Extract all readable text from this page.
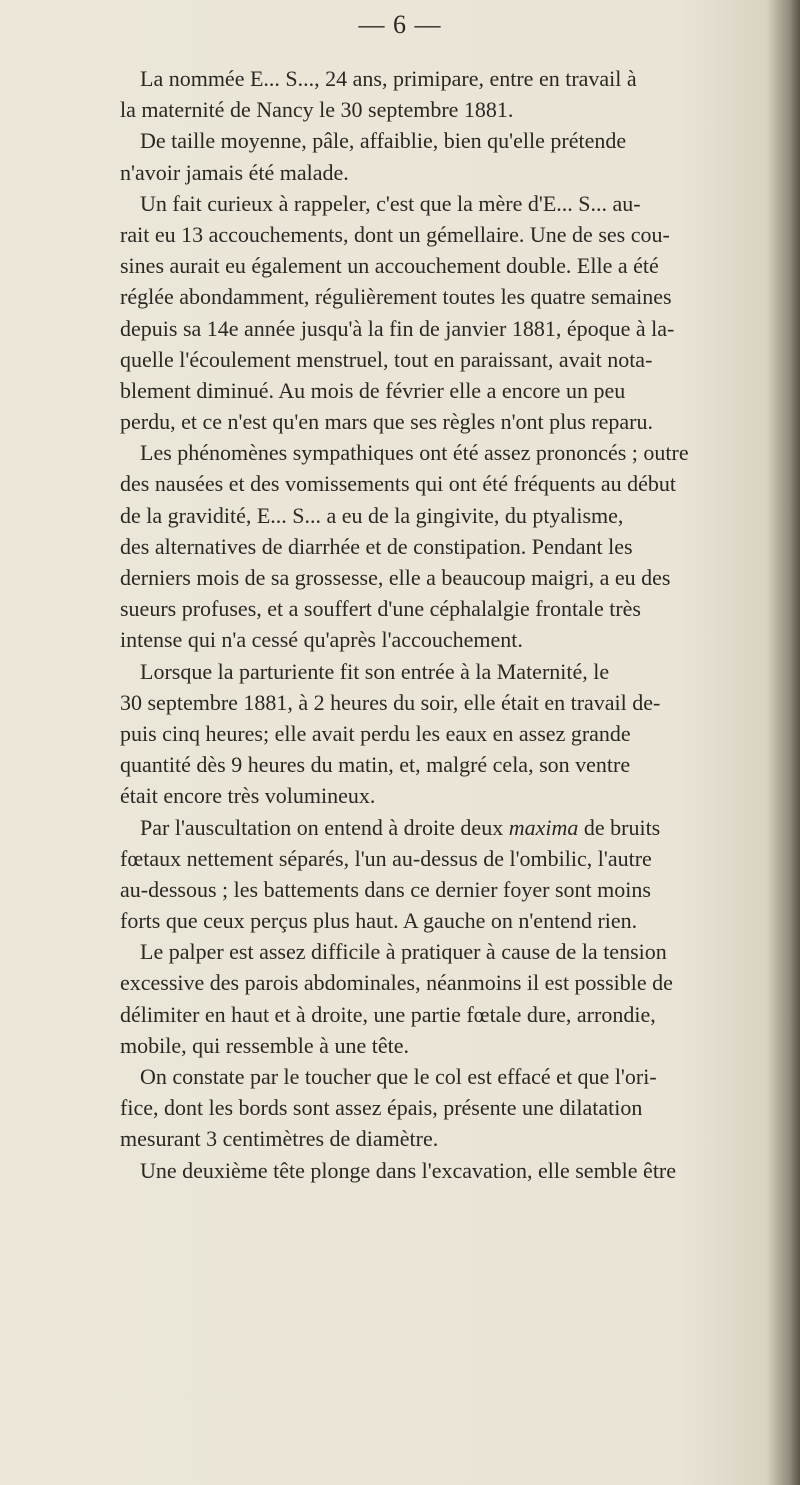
— 6 —
La nommée E... S..., 24 ans, primipare, entre en travail à
la maternité de Nancy le 30 septembre 1881.
De taille moyenne, pâle, affaiblie, bien qu'elle prétende
n'avoir jamais été malade.
Un fait curieux à rappeler, c'est que la mère d'E... S... au-
rait eu 13 accouchements, dont un gémellaire. Une de ses cou-
sines aurait eu également un accouchement double. Elle a été
réglée abondamment, régulièrement toutes les quatre semaines
depuis sa 14e année jusqu'à la fin de janvier 1881, époque à la-
quelle l'écoulement menstruel, tout en paraissant, avait nota-
blement diminué. Au mois de février elle a encore un peu
perdu, et ce n'est qu'en mars que ses règles n'ont plus reparu.
Les phénomènes sympathiques ont été assez prononcés ; outre
des nausées et des vomissements qui ont été fréquents au début
de la gravidité, E... S... a eu de la gingivite, du ptyalisme,
des alternatives de diarrhée et de constipation. Pendant les
derniers mois de sa grossesse, elle a beaucoup maigri, a eu des
sueurs profuses, et a souffert d'une céphalalgie frontale très
intense qui n'a cessé qu'après l'accouchement.
Lorsque la parturiente fit son entrée à la Maternité, le
30 septembre 1881, à 2 heures du soir, elle était en travail de-
puis cinq heures; elle avait perdu les eaux en assez grande
quantité dès 9 heures du matin, et, malgré cela, son ventre
était encore très volumineux.
Par l'auscultation on entend à droite deux maxima de bruits
fœtaux nettement séparés, l'un au-dessus de l'ombilic, l'autre
au-dessous ; les battements dans ce dernier foyer sont moins
forts que ceux perçus plus haut. A gauche on n'entend rien.
Le palper est assez difficile à pratiquer à cause de la tension
excessive des parois abdominales, néanmoins il est possible de
délimiter en haut et à droite, une partie fœtale dure, arrondie,
mobile, qui ressemble à une tête.
On constate par le toucher que le col est effacé et que l'ori-
fice, dont les bords sont assez épais, présente une dilatation
mesurant 3 centimètres de diamètre.
Une deuxième tête plonge dans l'excavation, elle semble être
